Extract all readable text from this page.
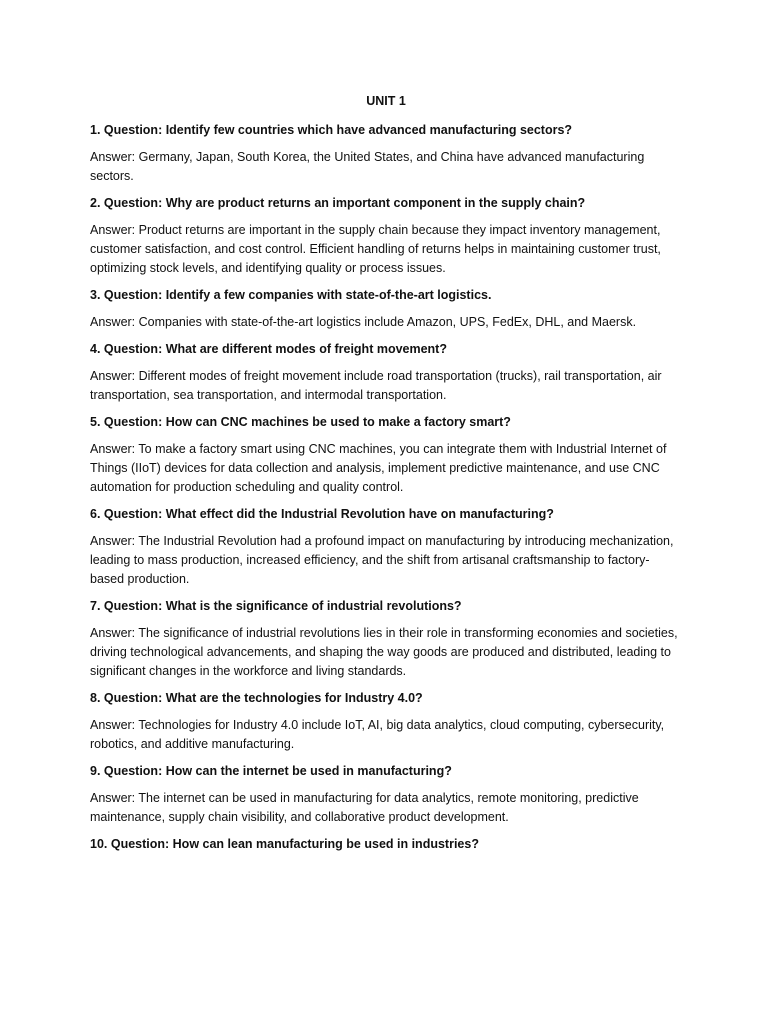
UNIT 1
1. Question: Identify few countries which have advanced manufacturing sectors?
Answer: Germany, Japan, South Korea, the United States, and China have advanced manufacturing sectors.
2. Question: Why are product returns an important component in the supply chain?
Answer: Product returns are important in the supply chain because they impact inventory management, customer satisfaction, and cost control. Efficient handling of returns helps in maintaining customer trust, optimizing stock levels, and identifying quality or process issues.
3. Question: Identify a few companies with state-of-the-art logistics.
Answer: Companies with state-of-the-art logistics include Amazon, UPS, FedEx, DHL, and Maersk.
4. Question: What are different modes of freight movement?
Answer: Different modes of freight movement include road transportation (trucks), rail transportation, air transportation, sea transportation, and intermodal transportation.
5. Question: How can CNC machines be used to make a factory smart?
Answer: To make a factory smart using CNC machines, you can integrate them with Industrial Internet of Things (IIoT) devices for data collection and analysis, implement predictive maintenance, and use CNC automation for production scheduling and quality control.
6. Question: What effect did the Industrial Revolution have on manufacturing?
Answer: The Industrial Revolution had a profound impact on manufacturing by introducing mechanization, leading to mass production, increased efficiency, and the shift from artisanal craftsmanship to factory-based production.
7. Question: What is the significance of industrial revolutions?
Answer: The significance of industrial revolutions lies in their role in transforming economies and societies, driving technological advancements, and shaping the way goods are produced and distributed, leading to significant changes in the workforce and living standards.
8. Question: What are the technologies for Industry 4.0?
Answer: Technologies for Industry 4.0 include IoT, AI, big data analytics, cloud computing, cybersecurity, robotics, and additive manufacturing.
9. Question: How can the internet be used in manufacturing?
Answer: The internet can be used in manufacturing for data analytics, remote monitoring, predictive maintenance, supply chain visibility, and collaborative product development.
10. Question: How can lean manufacturing be used in industries?
